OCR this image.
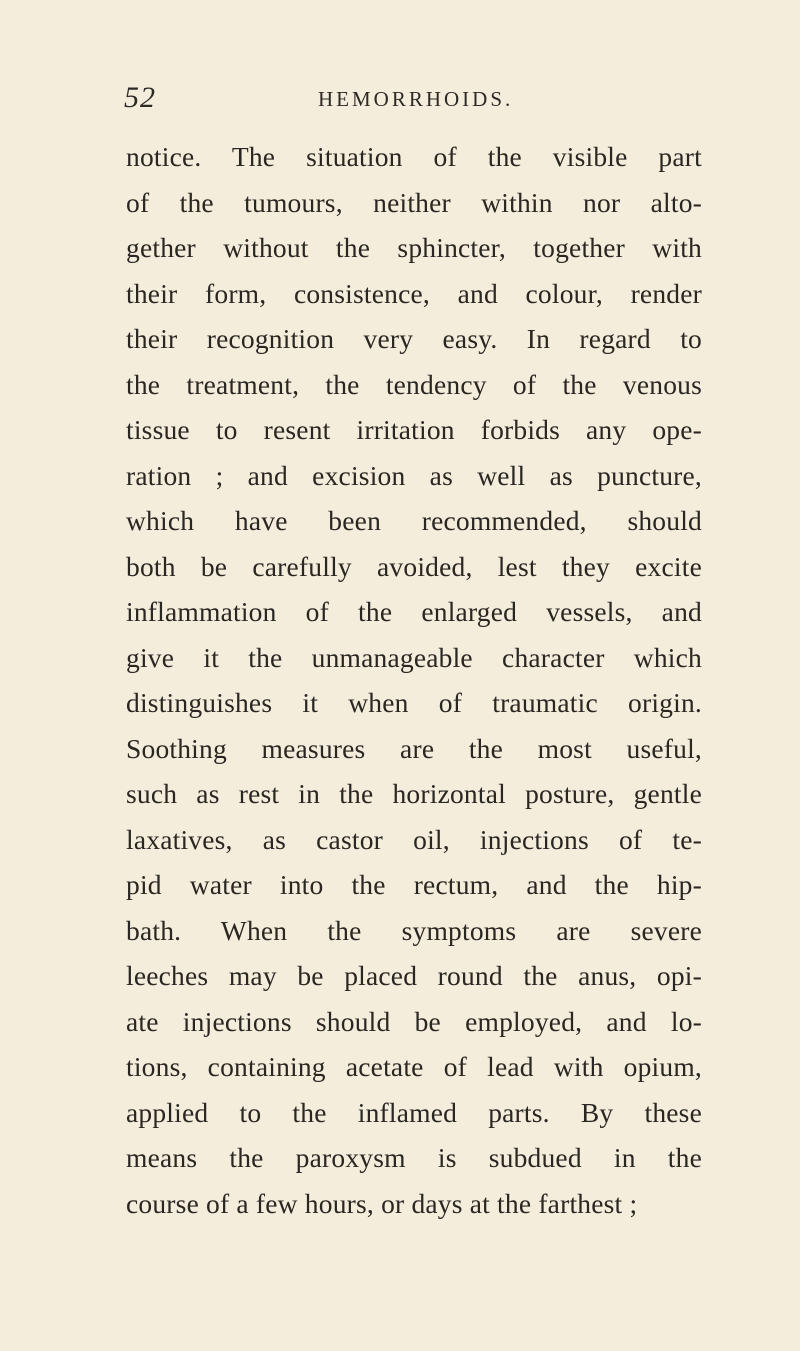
52	HEMORRHOIDS.
notice. The situation of the visible part
of the tumours, neither within nor alto-
gether without the sphincter, together with
their form, consistence, and colour, render
their recognition very easy. In regard to
the treatment, the tendency of the venous
tissue to resent irritation forbids any ope-
ration ; and excision as well as puncture,
which have been recommended, should
both be carefully avoided, lest they excite
inflammation of the enlarged vessels, and
give it the unmanageable character which
distinguishes it when of traumatic origin.
Soothing measures are the most useful,
such as rest in the horizontal posture, gentle
laxatives, as castor oil, injections of te-
pid water into the rectum, and the hip-
bath. When the symptoms are severe
leeches may be placed round the anus, opi-
ate injections should be employed, and lo-
tions, containing acetate of lead with opium,
applied to the inflamed parts. By these
means the paroxysm is subdued in the
course of a few hours, or days at the farthest ;
